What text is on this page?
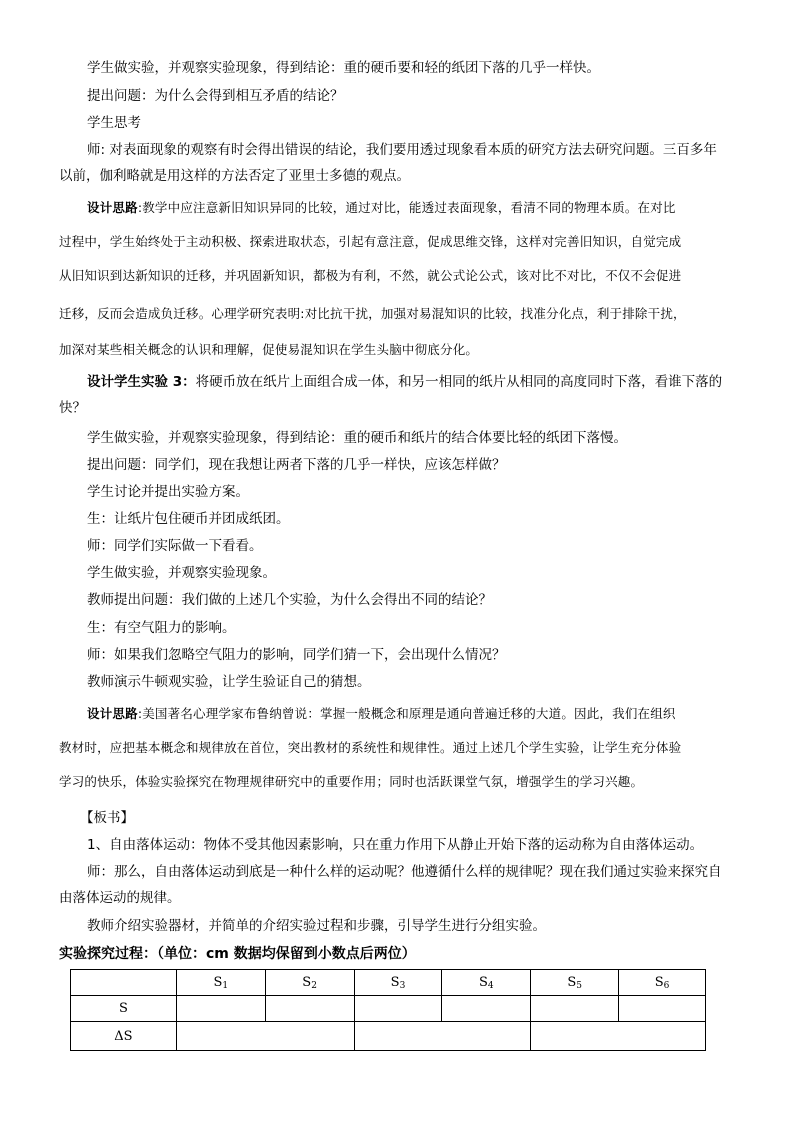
学生做实验，并观察实验现象，得到结论：重的硬币要和轻的纸团下落的几乎一样快。
提出问题：为什么会得到相互矛盾的结论？
学生思考
师: 对表面现象的观察有时会得出错误的结论，我们要用透过现象看本质的研究方法去研究问题。三百多年
以前，伽利略就是用这样的方法否定了亚里士多德的观点。
设计思路:教学中应注意新旧知识异同的比较，通过对比，能透过表面现象，看清不同的物理本质。在对比
过程中，学生始终处于主动积极、探索进取状态，引起有意注意，促成思维交锋，这样对完善旧知识，自觉完成
从旧知识到达新知识的迁移，并巩固新知识，都极为有利，不然，就公式论公式，该对比不对比，不仅不会促进
迁移，反而会造成负迁移。心理学研究表明:对比抗干扰，加强对易混知识的比较，找准分化点，利于排除干扰，
加深对某些相关概念的认识和理解，促使易混知识在学生头脑中彻底分化。
设计学生实验 3：将硬币放在纸片上面组合成一体，和另一相同的纸片从相同的高度同时下落，看谁下落的
快？
学生做实验，并观察实验现象，得到结论：重的硬币和纸片的结合体要比轻的纸团下落慢。
提出问题：同学们，现在我想让两者下落的几乎一样快，应该怎样做？
学生讨论并提出实验方案。
生：让纸片包住硬币并团成纸团。
师：同学们实际做一下看看。
学生做实验，并观察实验现象。
教师提出问题：我们做的上述几个实验，为什么会得出不同的结论？
生：有空气阻力的影响。
师：如果我们忽略空气阻力的影响，同学们猜一下，会出现什么情况？
教师演示牛顿观实验，让学生验证自己的猜想。
设计思路:美国著名心理学家布鲁纳曾说：掌握一般概念和原理是通向普遍迁移的大道。因此，我们在组织
教材时，应把基本概念和规律放在首位，突出教材的系统性和规律性。通过上述几个学生实验，让学生充分体验
学习的快乐，体验实验探究在物理规律研究中的重要作用；同时也活跃课堂气氛，增强学生的学习兴趣。
【板书】
1、自由落体运动：物体不受其他因素影响，只在重力作用下从静止开始下落的运动称为自由落体运动。
师：那么，自由落体运动到底是一种什么样的运动呢？他遵循什么样的规律呢？现在我们通过实验来探究自
由落体运动的规律。
教师介绍实验器材，并简单的介绍实验过程和步骤，引导学生进行分组实验。
实验探究过程：（单位：cm 数据均保留到小数点后两位）
	$S_1$	$S_2$	$S_3$	$S_4$	$S_5$	$S_6$
S						
ΔS						
